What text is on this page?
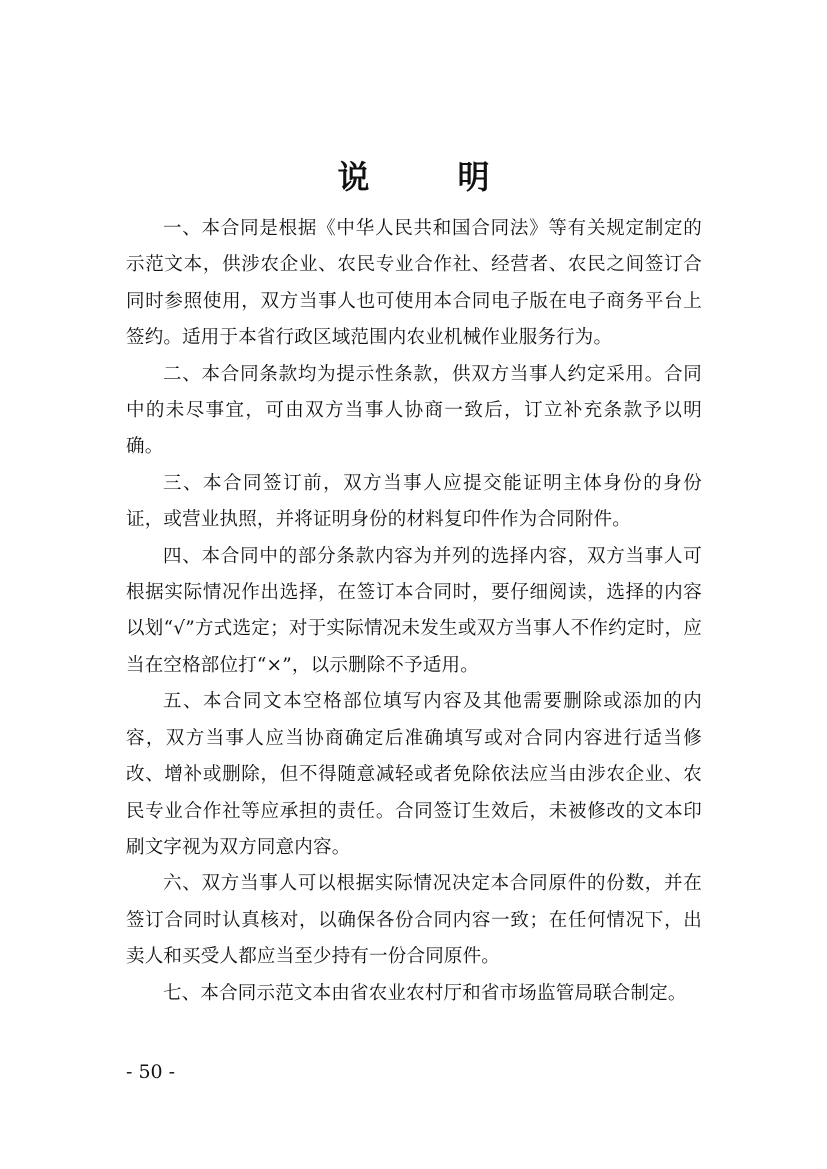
说　明

一、本合同是根据《中华人民共和国合同法》等有关规定制定的示范文本，供涉农企业、农民专业合作社、经营者、农民之间签订合同时参照使用，双方当事人也可使用本合同电子版在电子商务平台上签约。适用于本省行政区域范围内农业机械作业服务行为。

二、本合同条款均为提示性条款，供双方当事人约定采用。合同中的未尽事宜，可由双方当事人协商一致后，订立补充条款予以明确。

三、本合同签订前，双方当事人应提交能证明主体身份的身份证，或营业执照，并将证明身份的材料复印件作为合同附件。

四、本合同中的部分条款内容为并列的选择内容，双方当事人可根据实际情况作出选择，在签订本合同时，要仔细阅读，选择的内容以划“√”方式选定；对于实际情况未发生或双方当事人不作约定时，应当在空格部位打“×”，以示删除不予适用。

五、本合同文本空格部位填写内容及其他需要删除或添加的内容，双方当事人应当协商确定后准确填写或对合同内容进行适当修改、增补或删除，但不得随意减轻或者免除依法应当由涉农企业、农民专业合作社等应承担的责任。合同签订生效后，未被修改的文本印刷文字视为双方同意内容。

六、双方当事人可以根据实际情况决定本合同原件的份数，并在签订合同时认真核对，以确保各份合同内容一致；在任何情况下，出卖人和买受人都应当至少持有一份合同原件。

七、本合同示范文本由省农业农村厅和省市场监管局联合制定。

- 50 -
